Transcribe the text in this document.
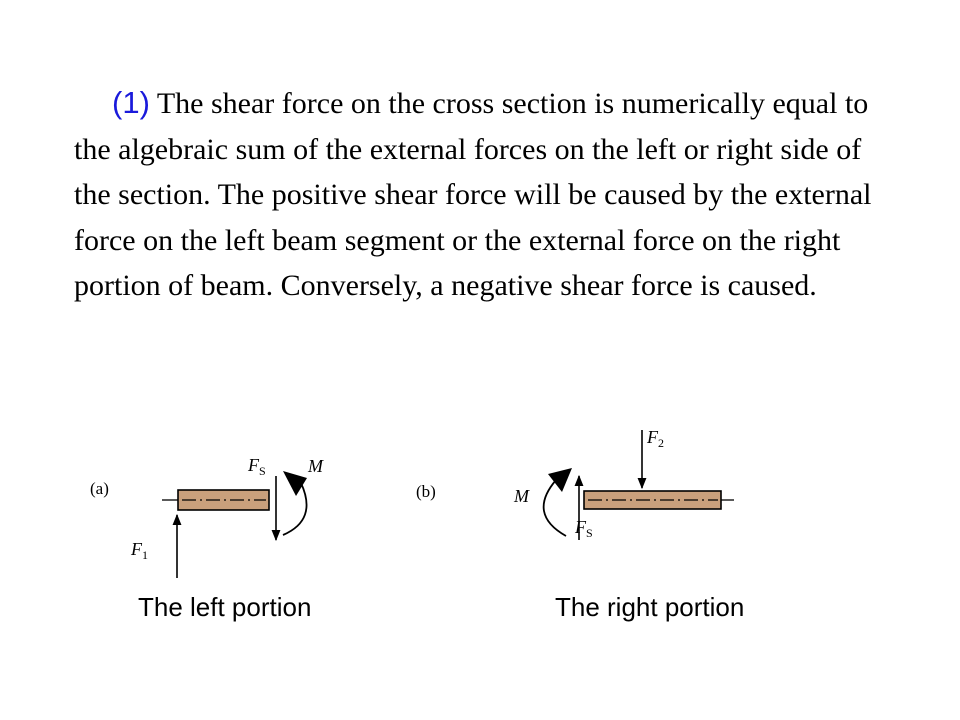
(1) The shear force on the cross section is numerically equal to the algebraic sum of the external forces on the left or right side of the section. The positive shear force will be caused by the external force on the left beam segment or the external force on the right portion of beam. Conversely, a negative shear force is caused.

(a)
$F_1$
$F_S$ M
(b)
$F_2$
$F_S$
M
The left portion	The right portion
